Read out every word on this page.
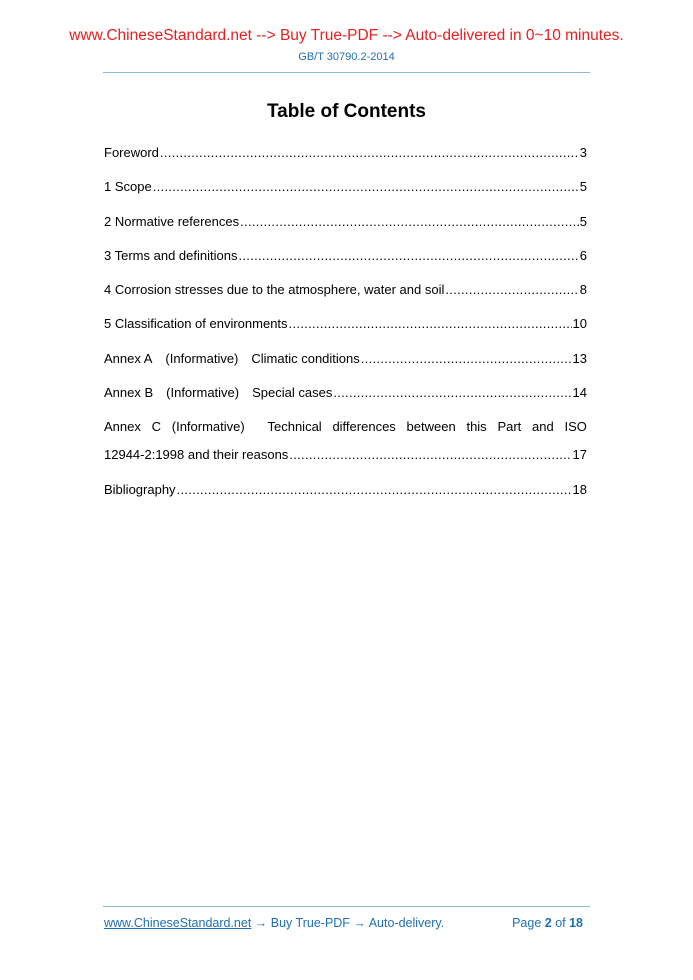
www.ChineseStandard.net --> Buy True-PDF --> Auto-delivered in 0~10 minutes.
GB/T 30790.2-2014
Table of Contents
Foreword .....	3
1 Scope .....	5
2 Normative references .....	5
3 Terms and definitions .....	6
4 Corrosion stresses due to the atmosphere, water and soil .....	8
5 Classification of environments .....	10
Annex A (Informative) Climatic conditions .....	13
Annex B (Informative) Special cases .....	14
Annex C (Informative) Technical differences between this Part and ISO
12944-2:1998 and their reasons .....	17
Bibliography .....	18
www.ChineseStandard.net → Buy True-PDF → Auto-delivery.	Page 2 of 18
